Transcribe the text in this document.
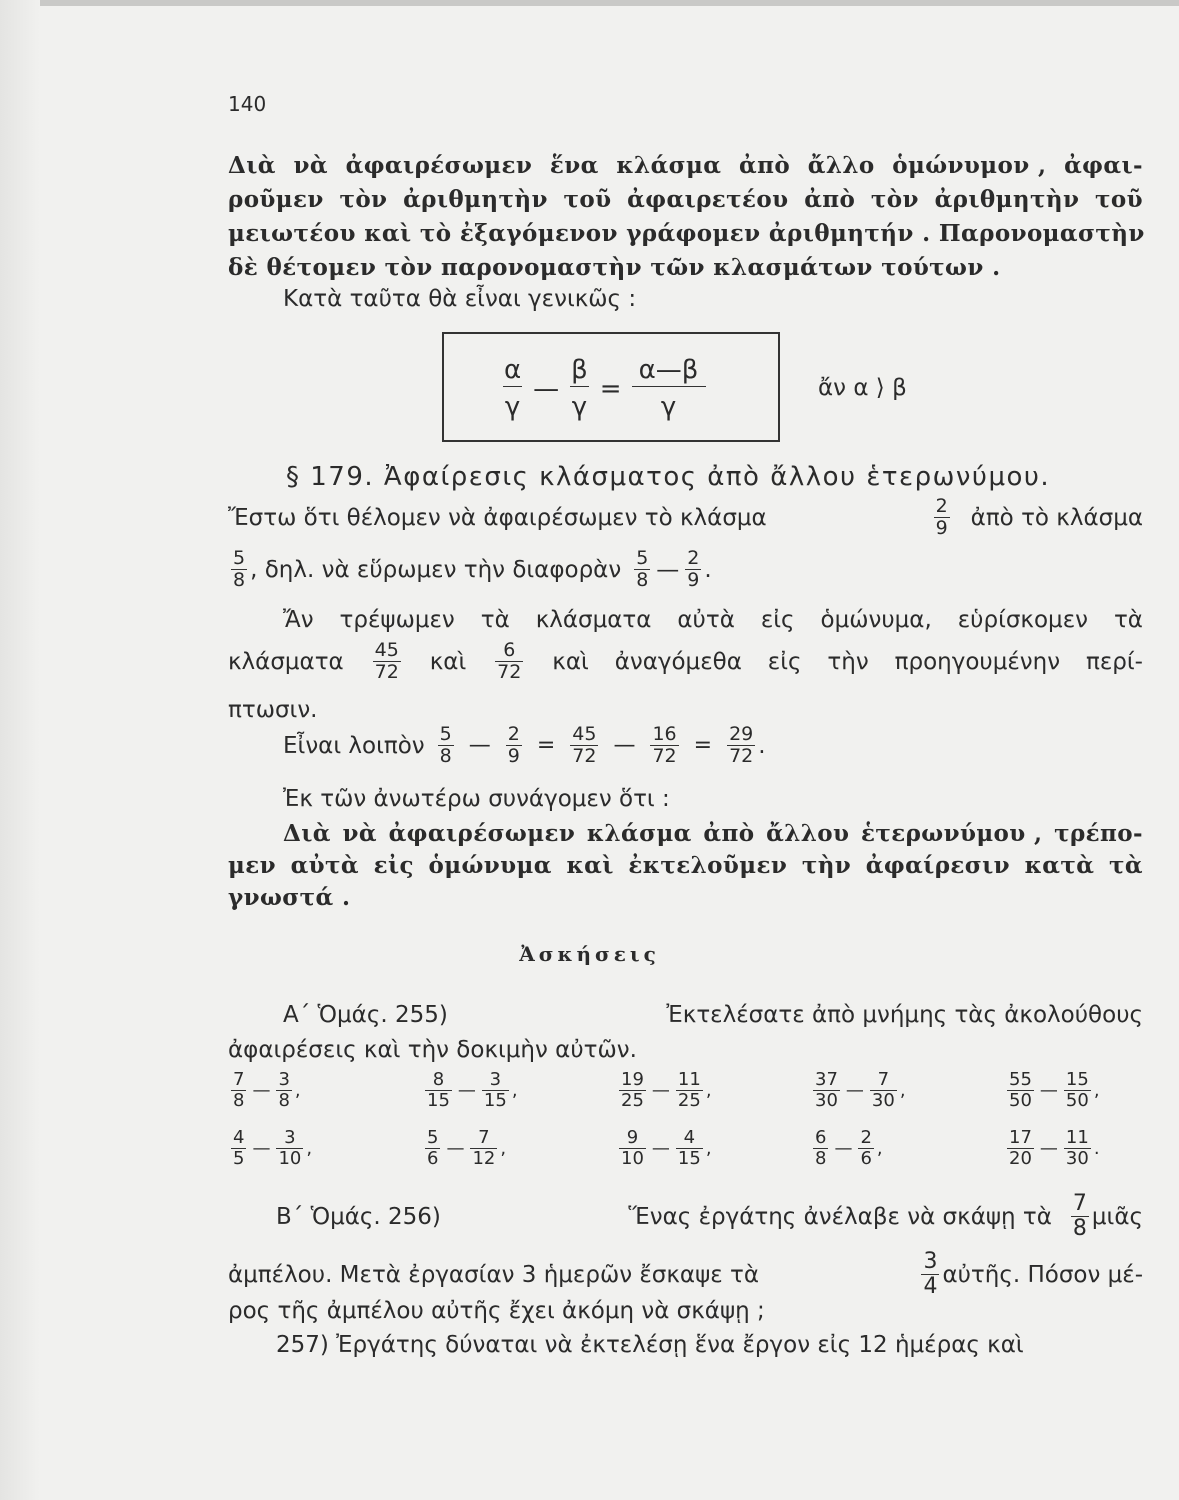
140
Διὰ νὰ ἀφαιρέσωμεν ἕνα κλάσμα ἀπὸ ἄλλο ὁμώνυμον , ἀφαι-
ροῦμεν τὸν ἀριθμητὴν τοῦ ἀφαιρετέου ἀπὸ τὸν ἀριθμητὴν τοῦ
μειωτέου καὶ τὸ ἐξαγόμενον γράφομεν ἀριθμητήν . Παρονομαστὴν
δὲ θέτομεν τὸν παρονομαστὴν τῶν κλασμάτων τούτων .
Κατὰ ταῦτα θὰ εἶναι γενικῶς :
$\frac{\alpha}{\gamma}$ — $\frac{\beta}{\gamma} = \frac{\alpha—\beta}{\gamma}$	ἄν α ⟩ β
§ 179. Ἀφαίρεσις κλάσματος ἀπὸ ἄλλου ἑτερωνύμου.
Ἔστω ὅτι θέλομεν νὰ ἀφαιρέσωμεν τὸ κλάσμα	$\frac{2}{9}$ ἀπὸ τὸ κλάσμα
$\frac{5}{8}$ , δηλ. νὰ εὕρωμεν τὴν διαφορὰν $\frac{5}{8}$ — $\frac{2}{9}$ .
Ἄν τρέψωμεν τὰ κλάσματα αὐτὰ εἰς ὁμώνυμα, εὑρίσκομεν τὰ
κλάσματα $\frac{45}{72}$ καὶ $\frac{6}{72}$ καὶ ἀναγόμεθα εἰς τὴν προηγουμένην περί-
πτωσιν.
Εἶναι λοιπὸν $\frac{5}{8}$ — $\frac{2}{9} = \frac{45}{72}$ — $\frac{16}{72} = \frac{29}{72}$ .
Ἐκ τῶν ἀνωτέρω συνάγομεν ὅτι :
Διὰ νὰ ἀφαιρέσωμεν κλάσμα ἀπὸ ἄλλου ἑτερωνύμου , τρέπο-
μεν αὐτὰ εἰς ὁμώνυμα καὶ ἐκτελοῦμεν τὴν ἀφαίρεσιν κατὰ τὰ
γνωστά .
Ἀσκήσεις
Α΄ Ὁμάς. 255)	Ἐκτελέσατε ἀπὸ μνήμης τὰς ἀκολούθους
ἀφαιρέσεις καὶ τὴν δοκιμὴν αὐτῶν.
$\frac{7}{8}$ — $\frac{3}{8}$ ,	$\frac{8}{15}$ — $\frac{3}{15}$ ,	$\frac{19}{25}$ — $\frac{11}{25}$ ,	$\frac{37}{30}$ — $\frac{7}{30}$ ,	$\frac{55}{50}$ — $\frac{15}{50}$ ,
$\frac{4}{5}$ — $\frac{3}{10}$ ,	$\frac{5}{6}$ — $\frac{7}{12}$ ,	$\frac{9}{10}$ — $\frac{4}{15}$ ,	$\frac{6}{8}$ — $\frac{2}{6}$ ,	$\frac{17}{20}$ — $\frac{11}{30}$ .
Β΄ Ὁμάς. 256)	Ἕνας ἐργάτης ἀνέλαβε νὰ σκάψῃ τὰ $\frac{7}{8}$ μιᾶς
ἀμπέλου. Μετὰ ἐργασίαν 3 ἡμερῶν ἔσκαψε τὰ	$\frac{3}{4}$ αὐτῆς. Πόσον μέ-
ρος τῆς ἀμπέλου αὐτῆς ἔχει ἀκόμη νὰ σκάψῃ ;
257) Ἐργάτης δύναται νὰ ἐκτελέσῃ ἕνα ἔργον εἰς 12 ἡμέρας καὶ
